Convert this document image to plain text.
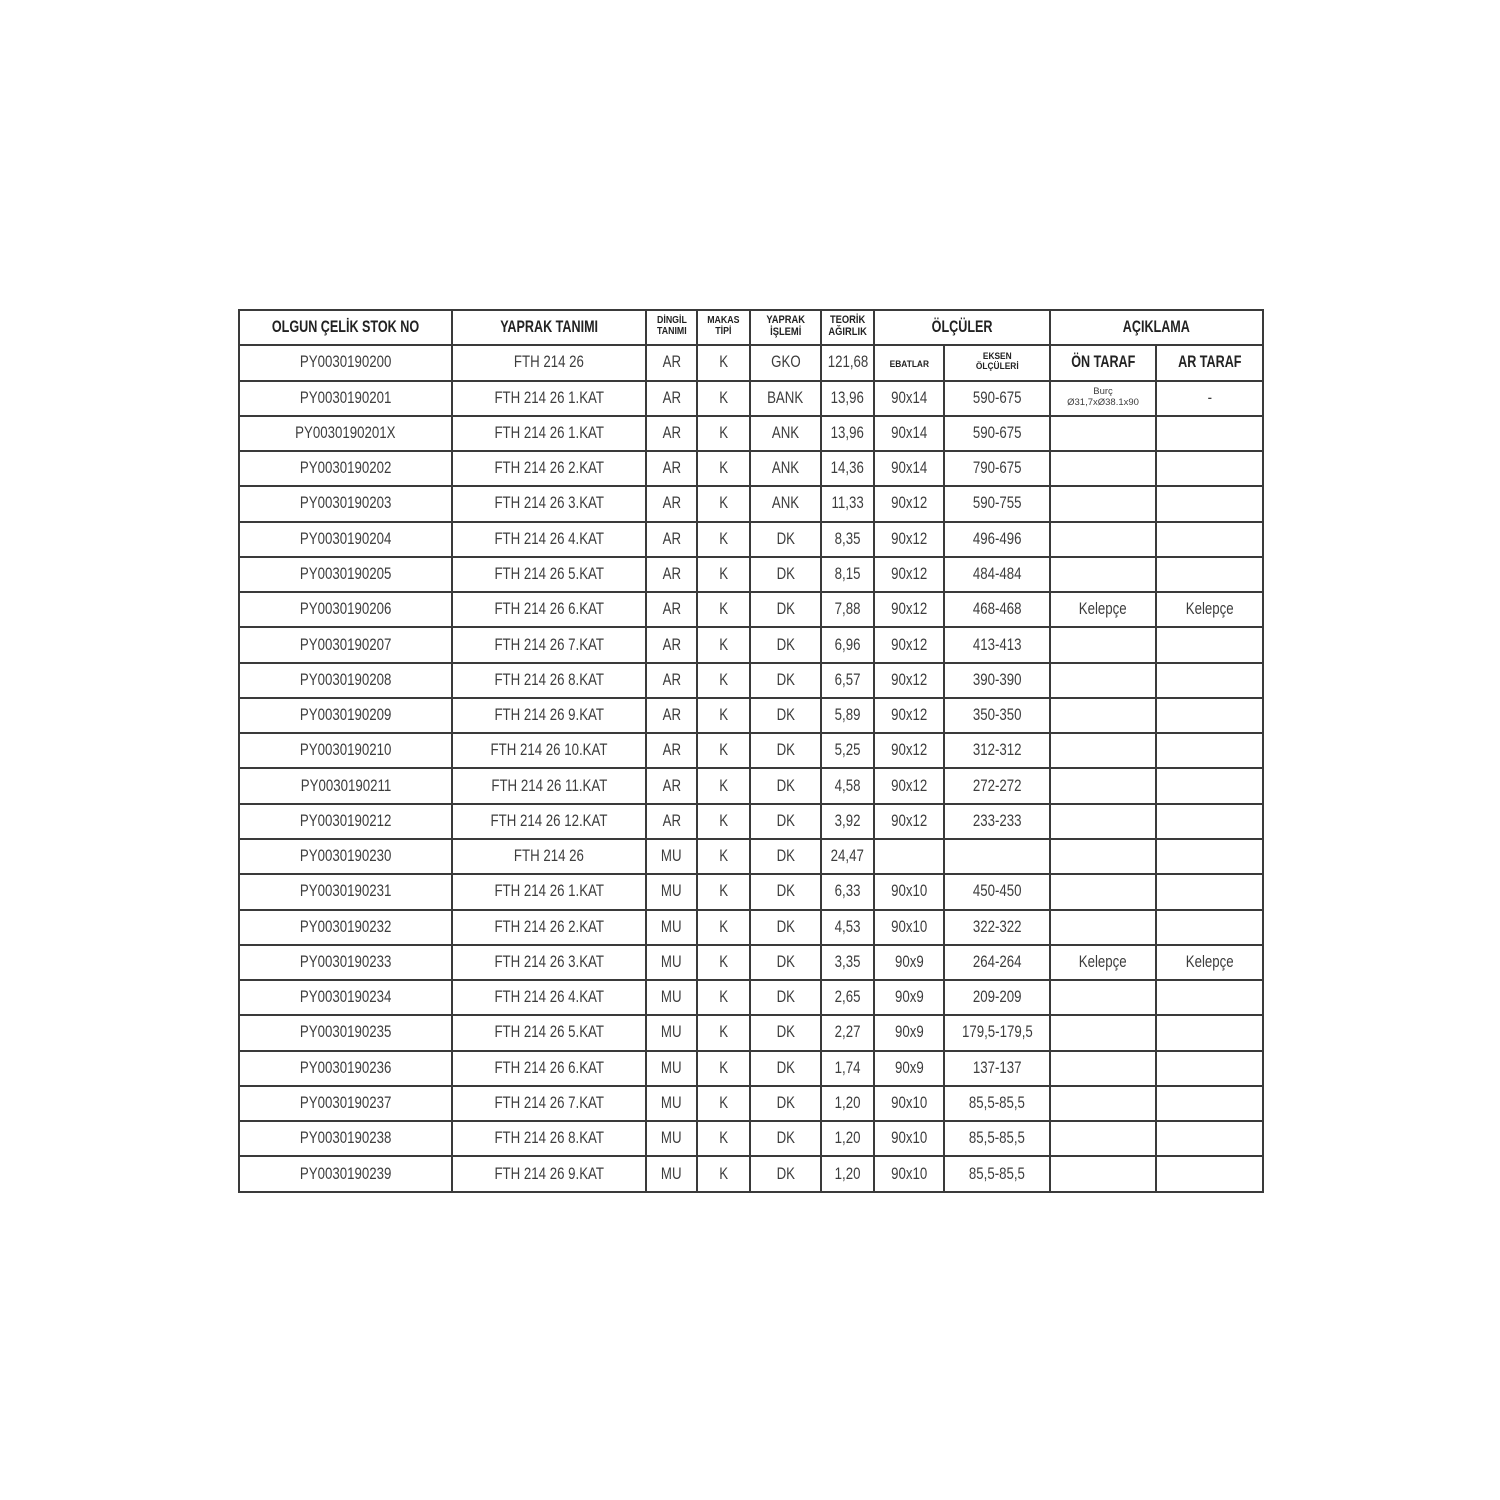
OLGUN ÇELİK STOK NO	YAPRAK TANIMI	DİNGİL TANIMI	MAKAS TİPİ	YAPRAK İŞLEMİ	TEORİK AĞIRLIK	ÖLÇÜLER		AÇIKLAMA	
PY0030190200	FTH 214 26	AR	K	GKO	121,68	EBATLAR	EKSEN ÖLÇÜLERİ	ÖN TARAF	AR TARAF
PY0030190201	FTH 214 26 1.KAT	AR	K	BANK	13,96	90x14	590-675	Burç Ø31,7xØ38.1x90	-
PY0030190201X	FTH 214 26 1.KAT	AR	K	ANK	13,96	90x14	590-675		
PY0030190202	FTH 214 26 2.KAT	AR	K	ANK	14,36	90x14	790-675		
PY0030190203	FTH 214 26 3.KAT	AR	K	ANK	11,33	90x12	590-755		
PY0030190204	FTH 214 26 4.KAT	AR	K	DK	8,35	90x12	496-496		
PY0030190205	FTH 214 26 5.KAT	AR	K	DK	8,15	90x12	484-484		
PY0030190206	FTH 214 26 6.KAT	AR	K	DK	7,88	90x12	468-468	Kelepçe	Kelepçe
PY0030190207	FTH 214 26 7.KAT	AR	K	DK	6,96	90x12	413-413		
PY0030190208	FTH 214 26 8.KAT	AR	K	DK	6,57	90x12	390-390		
PY0030190209	FTH 214 26 9.KAT	AR	K	DK	5,89	90x12	350-350		
PY0030190210	FTH 214 26 10.KAT	AR	K	DK	5,25	90x12	312-312		
PY0030190211	FTH 214 26 11.KAT	AR	K	DK	4,58	90x12	272-272		
PY0030190212	FTH 214 26 12.KAT	AR	K	DK	3,92	90x12	233-233		
PY0030190230	FTH 214 26	MU	K	DK	24,47				
PY0030190231	FTH 214 26 1.KAT	MU	K	DK	6,33	90x10	450-450		
PY0030190232	FTH 214 26 2.KAT	MU	K	DK	4,53	90x10	322-322		
PY0030190233	FTH 214 26 3.KAT	MU	K	DK	3,35	90x9	264-264	Kelepçe	Kelepçe
PY0030190234	FTH 214 26 4.KAT	MU	K	DK	2,65	90x9	209-209		
PY0030190235	FTH 214 26 5.KAT	MU	K	DK	2,27	90x9	179,5-179,5		
PY0030190236	FTH 214 26 6.KAT	MU	K	DK	1,74	90x9	137-137		
PY0030190237	FTH 214 26 7.KAT	MU	K	DK	1,20	90x10	85,5-85,5		
PY0030190238	FTH 214 26 8.KAT	MU	K	DK	1,20	90x10	85,5-85,5		
PY0030190239	FTH 214 26 9.KAT	MU	K	DK	1,20	90x10	85,5-85,5		
